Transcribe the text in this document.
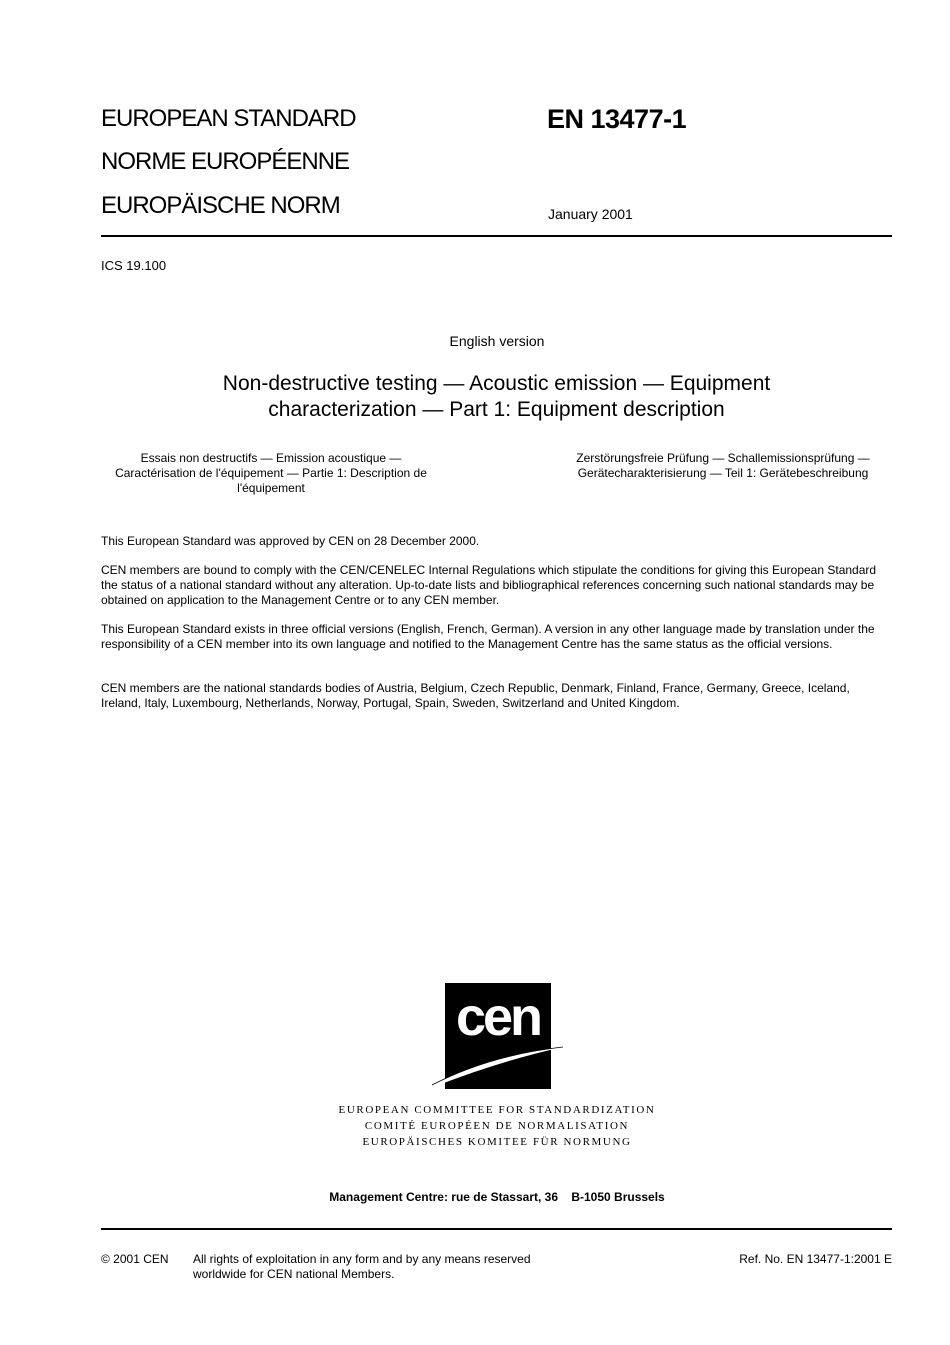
EUROPEAN STANDARD
NORME EUROPÉENNE
EUROPÄISCHE NORM
EN 13477-1
January 2001
ICS 19.100
English version
Non-destructive testing — Acoustic emission — Equipment
characterization — Part 1: Equipment description
Essais non destructifs — Emission acoustique —
Caractérisation de l'équipement — Partie 1: Description de
l'équipement
Zerstörungsfreie Prüfung — Schallemissionsprüfung —
Gerätecharakterisierung — Teil 1: Gerätebeschreibung
This European Standard was approved by CEN on 28 December 2000.
CEN members are bound to comply with the CEN/CENELEC Internal Regulations which stipulate the conditions for giving this European Standard the status of a national standard without any alteration. Up-to-date lists and bibliographical references concerning such national standards may be obtained on application to the Management Centre or to any CEN member.
This European Standard exists in three official versions (English, French, German). A version in any other language made by translation under the responsibility of a CEN member into its own language and notified to the Management Centre has the same status as the official versions.
CEN members are the national standards bodies of Austria, Belgium, Czech Republic, Denmark, Finland, France, Germany, Greece, Iceland, Ireland, Italy, Luxembourg, Netherlands, Norway, Portugal, Spain, Sweden, Switzerland and United Kingdom.
cen
EUROPEAN COMMITTEE FOR STANDARDIZATION
COMITÉ EUROPÉEN DE NORMALISATION
EUROPÄISCHES KOMITEE FÜR NORMUNG
Management Centre: rue de Stassart, 36    B-1050 Brussels
© 2001 CEN All rights of exploitation in any form and by any means reserved
worldwide for CEN national Members.
Ref. No. EN 13477-1:2001 E
